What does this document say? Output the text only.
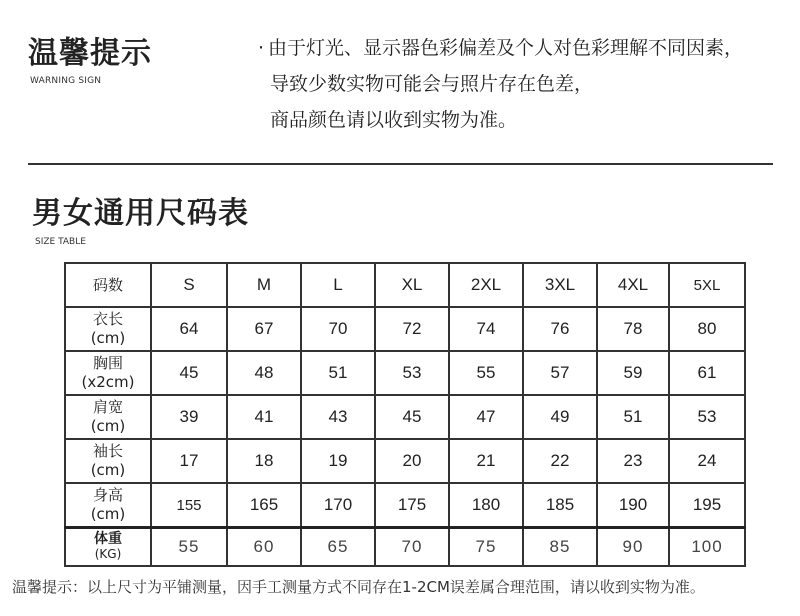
温馨提示
WARNING SIGN
· 由于灯光、显示器色彩偏差及个人对色彩理解不同因素，
导致少数实物可能会与照片存在色差，
商品颜色请以收到实物为准。
男女通用尺码表
SIZE TABLE
码数	S	M	L	XL	2XL	3XL	4XL	5XL

衣长
(cm)	64	67	70	72	74	76	78	80

胸围
(x2cm)	45	48	51	53	55	57	59	61

肩宽
(cm)	39	41	43	45	47	49	51	53

袖长
(cm)	17	18	19	20	21	22	23	24

身高
(cm)	155	165	170	175	180	185	190	195

体重
(KG)	55	60	65	70	75	85	90	100
温馨提示：以上尺寸为平铺测量，因手工测量方式不同存在1-2CM误差属合理范围，请以收到实物为准。
